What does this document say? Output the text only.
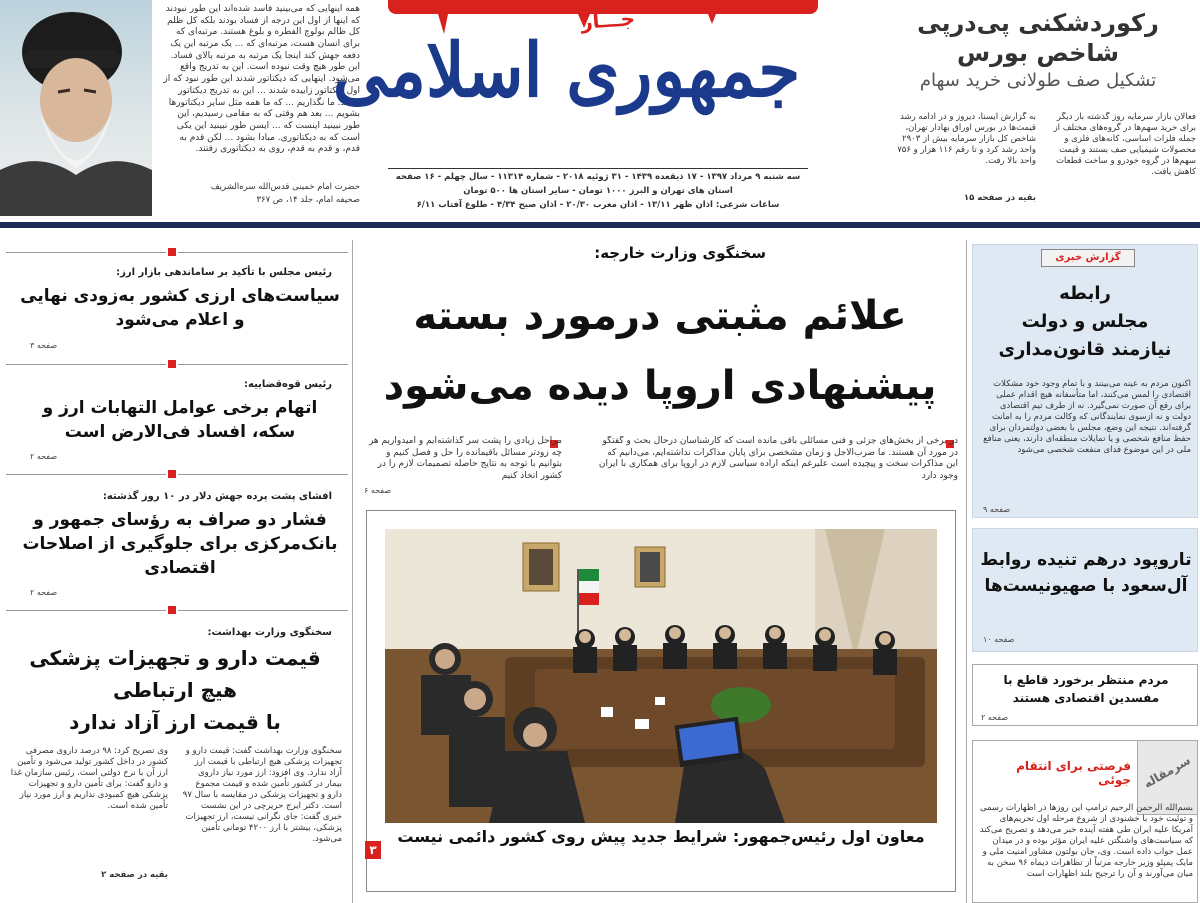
همه اینهایی که می‌بینید فاسد شده‌اند این طور نبودند که اینها از اول این درجه از فساد بودند بلکه کل ظلم کل ظالم بولوچ الفطره و بلوغ هستند. مرتبه‌ای که برای انسان هست، مرتبه‌ای که ... یک مرتبه این یک دفعه جهش کند اینجا یک مرتبه به مرتبه بالای فساد. این طور هیچ وقت نبوده است. این به تدریج واقع می‌شود. اینهایی که دیکتاتور شدند این طور نبود که از اول دیکتاتور زاییده شدند ... این به تدریج دیکتاتور شدند. ما نگذاریم ... که ما همه مثل سایر دیکتاتورها بشویم ... بعد هم وقتی که به مقامی رسیدیم، این طور نبینید اینست که ... ایسن طور نبینید این یکی است که به دیکتاتوری. مبادا بشود ... لکن قدم به قدم، و قدم به قدم، روی به دیکتاتوری رفتند.
حضرت امام خمینی قدس‌الله سره‌الشریف
صحیفه امام، جلد ۱۴، ص ۳۶۷
جـــار
جمهوری اسلامی
سه شنبه ۹ مرداد ۱۳۹۷ - ۱۷ ذیقعده ۱۴۳۹ - ۳۱ ژوئیه ۲۰۱۸ - شماره ۱۱۳۱۴ - سال چهلم - ۱۶ صفحه
استان های تهران و البرز ۱۰۰۰ تومان - سایر استان ها ۵۰۰ تومان
ساعات شرعی: اذان ظهر ۱۳/۱۱ - اذان مغرب ۲۰/۳۰ - اذان صبح ۴/۳۴ - طلوع آفتاب ۶/۱۱
رکوردشکنی پی‌درپی
شاخص بورس
تشکیل صف طولانی خرید سهام
فعالان بازار سرمایه روز گذشته بار دیگر برای خرید سهم‌ها در گروه‌های مختلف از جمله فلزات اساسی، کانه‌های فلزی و محصولات شیمیایی صف بستند و قیمت سهم‌ها در گروه خودرو و ساخت قطعات کاهش یافت.
به گزارش ایسنا، دیروز و در ادامه رشد قیمت‌ها در بورس اوراق بهادار تهران، شاخص کل بازار سرمایه بیش از ۲۹۰۳ واحد رشد کرد و تا رقم ۱۱۶ هزار و ۷۵۶ واحد بالا رفت.
بقیه در صفحه ۱۵
رئیس مجلس با تأکید بر ساماندهی بازار ارز:
سیاست‌های ارزی کشور به‌زودی نهایی و اعلام می‌شود
صفحه ۳
رئیس قوه‌قضاییه:
اتهام برخی عوامل التهابات ارز و سکه، افساد فی‌الارض است
صفحه ۲
افشای پشت پرده جهش دلار در ۱۰ روز گذشته:
فشار دو صراف به رؤسای جمهور و بانک‌مرکزی برای جلوگیری از اصلاحات اقتصادی
صفحه ۲
سخنگوی وزارت بهداشت:
قیمت دارو و تجهیزات پزشکی
هیچ ارتباطی
با قیمت ارز آزاد ندارد
سخنگوی وزارت بهداشت گفت: قیمت دارو و تجهیزات پزشکی هیچ ارتباطی با قیمت ارز آزاد ندارد. وی افزود: ارز مورد نیاز داروی بیمار در کشور تأمین شده و قیمت مجموع دارو و تجهیزات پزشکی در مقایسه با سال ۹۷ است. دکتر ایرج حریرچی در این نشست خبری گفت: جای نگرانی نیست، ارز تجهیزات پزشکی، بیشتر با ارز ۴۲۰۰ تومانی تأمین می‌شود.
وی تصریح کرد: ۹۸ درصد داروی مصرفی کشور در داخل کشور تولید می‌شود و تأمین ارز آن با نرخ دولتی است. رئیس سازمان غذا و دارو گفت: برای تأمین دارو و تجهیزات پزشکی هیچ کمبودی نداریم و ارز مورد نیاز تأمین شده است.
بقیه در صفحه ۲
سخنگوی وزارت خارجه:
علائم مثبتی درمورد بسته
پیشنهادی اروپا دیده می‌شود
در برخی از بخش‌های جزئی و فنی مسائلی باقی مانده است که کارشناسان درحال بحث و گفتگو در مورد آن هستند. ما ضرب‌الاجل و زمان مشخصی برای پایان مذاکرات نداشته‌ایم، می‌دانیم که این مذاکرات سخت و پیچیده است علیرغم اینکه اراده سیاسی لازم در اروپا برای همکاری با ایران وجود دارد
مراحل زیادی را پشت سر گذاشته‌ایم و امیدواریم هر چه زودتر مسائل باقیمانده را حل و فصل کنیم و بتوانیم با توجه به نتایج حاصله تصمیمات لازم را در کشور اتخاذ کنیم
صفحه ۶
معاون اول رئیس‌جمهور: شرایط جدید پیش روی کشور دائمی نیست
۳
گزارش خبری
رابطه
مجلس و دولت
نیازمند قانون‌مداری
اکنون مردم به عینه می‌بینند و با تمام وجود خود مشکلات اقتصادی را لمس می‌کنند، اما متأسفانه هیچ اقدام عملی برای رفع آن صورت نمی‌گیرد. نه از طرف تیم اقتصادی دولت و نه ازسوی نمایندگانی که وکالت مردم را به امانت گرفته‌اند. نتیجه این وضع، مجلس با بعضی دولتمردان برای حفظ منافع شخصی و یا تمایلات منطقه‌ای دارند، یعنی منافع ملی در این موضوع فدای منفعت شخصی می‌شود
صفحه ۹
تاروپود درهم تنیده روابط آل‌سعود با صهیونیست‌ها
صفحه ۱۰
مردم منتظر برخورد قاطع با مفسدین اقتصادی هستند
صفحه ۲
سرمقاله
فرصتی برای انتقام جوئی
بسم‌الله الرحمن الرحیم ترامپ این روزها در اظهارات رسمی و توئیت خود با خشنودی از شروع مرحله اول تحریم‌های آمریکا علیه ایران طی هفته آینده خبر می‌دهد و تصریح می‌کند که سیاست‌های واشنگتن علیه ایران مؤثر بوده و در میدان عمل جواب داده است. وی، جان بولتون مشاور امنیت ملی و مایک پمپئو وزیر خارجه مرتباً از تظاهرات دیماه ۹۶ سخن به میان می‌آورند و آن را ترجیح بلند اظهارات است
